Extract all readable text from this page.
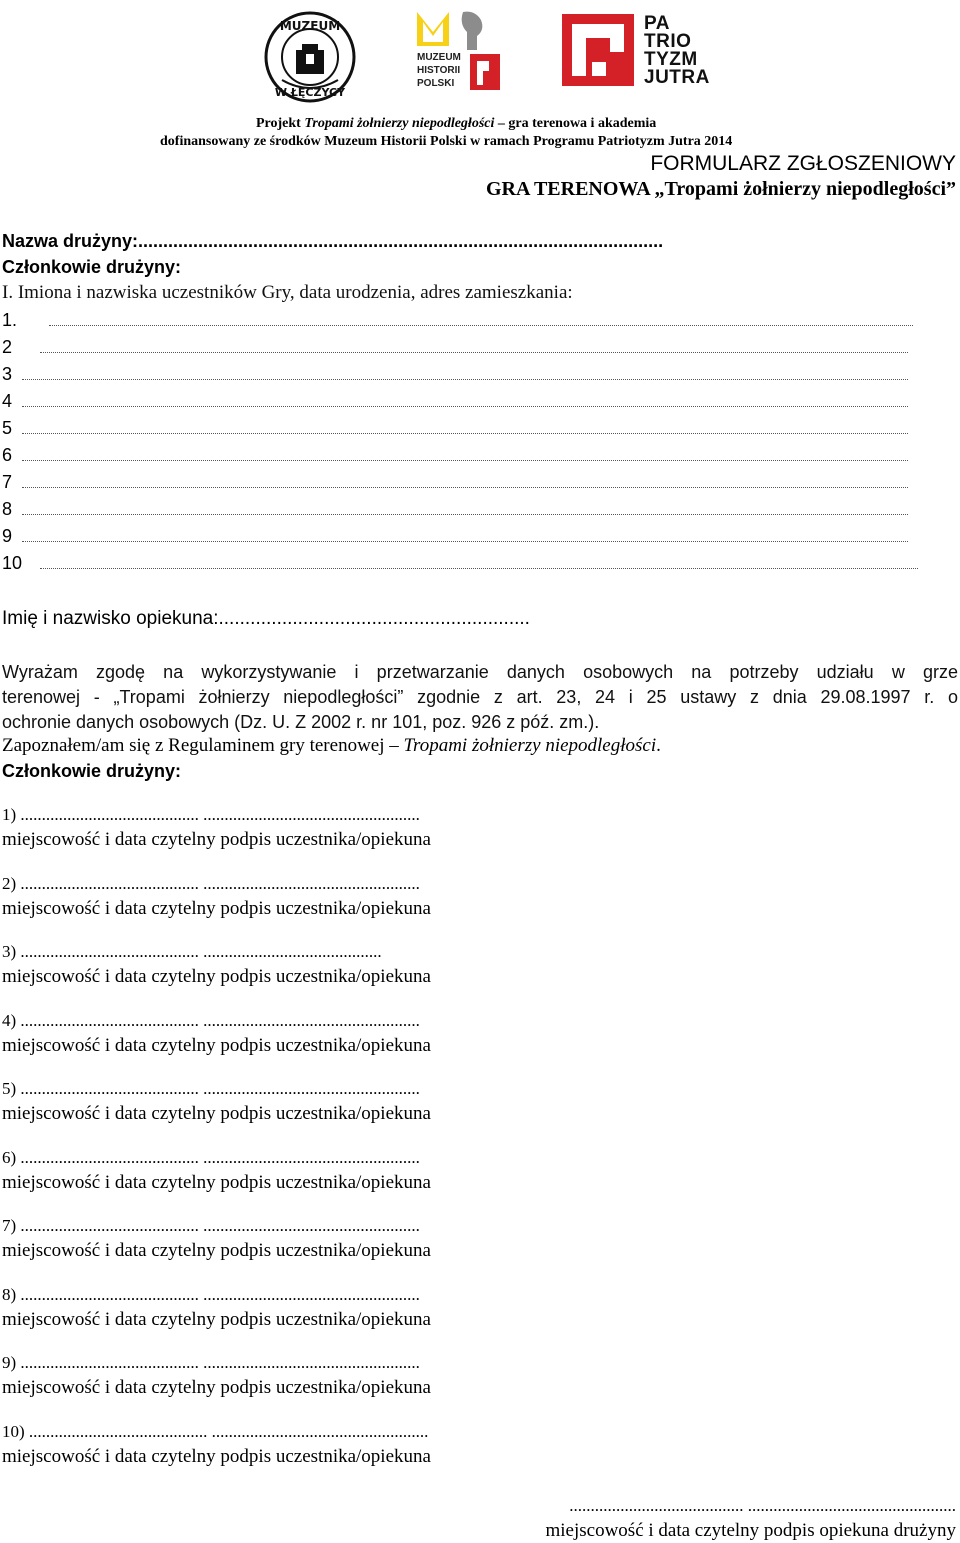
MUZEUM
W ŁĘCZYCY
MUZEUM
HISTORII
POLSKI
PA
TRIO
TYZM
JUTRA
Projekt Tropami żołnierzy niepodległości – gra terenowa i akademia
dofinansowany ze środków Muzeum Historii Polski w ramach Programu Patriotyzm Jutra 2014
FORMULARZ ZGŁOSZENIOWY
GRA TERENOWA „Tropami żołnierzy niepodległości”
Nazwa drużyny:.........................................................................................................
Członkowie drużyny:
I. Imiona i nazwiska uczestników Gry, data urodzenia, adres zamieszkania:
1.
2
3
4
5
6
7
8
9
10
Imię i nazwisko opiekuna:...........................................................
Wyrażam zgodę na wykorzystywanie i przetwarzanie danych osobowych na potrzeby udziału w grze
terenowej - „Tropami żołnierzy niepodległości” zgodnie z art. 23, 24 i 25 ustawy z dnia 29.08.1997 r. o
ochronie danych osobowych (Dz. U. Z 2002 r. nr 101, poz. 926 z póź. zm.).
Zapoznałem/am się z Regulaminem gry terenowej – Tropami żołnierzy niepodległości.
Członkowie drużyny:
1) .......................................... ...................................................
miejscowość i data czytelny podpis uczestnika/opiekuna
2) .......................................... ...................................................
miejscowość i data czytelny podpis uczestnika/opiekuna
3) .......................................... ..........................................
miejscowość i data czytelny podpis uczestnika/opiekuna
4) .......................................... ...................................................
miejscowość i data czytelny podpis uczestnika/opiekuna
5) .......................................... ...................................................
miejscowość i data czytelny podpis uczestnika/opiekuna
6) .......................................... ...................................................
miejscowość i data czytelny podpis uczestnika/opiekuna
7) .......................................... ...................................................
miejscowość i data czytelny podpis uczestnika/opiekuna
8) .......................................... ...................................................
miejscowość i data czytelny podpis uczestnika/opiekuna
9) .......................................... ...................................................
miejscowość i data czytelny podpis uczestnika/opiekuna
10) .......................................... ...................................................
miejscowość i data czytelny podpis uczestnika/opiekuna
......................................... .................................................
miejscowość i data czytelny podpis opiekuna drużyny
